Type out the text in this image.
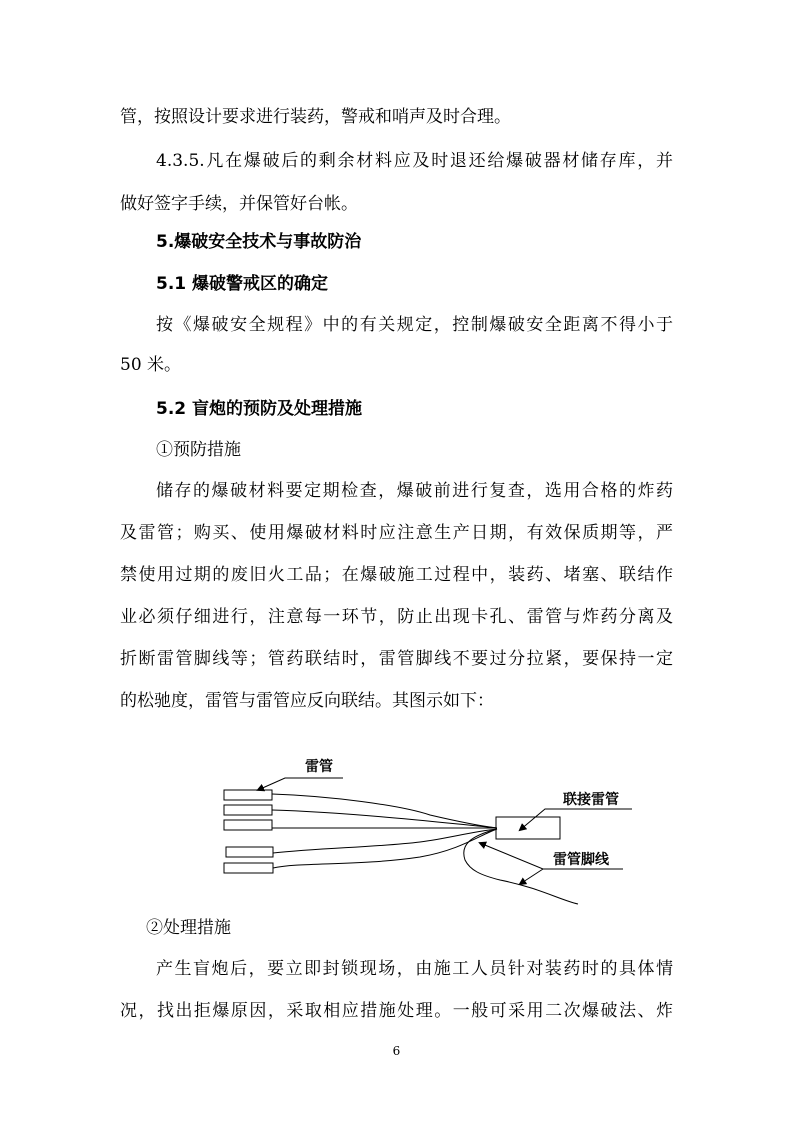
管，按照设计要求进行装药，警戒和哨声及时合理。
4.3.5.凡在爆破后的剩余材料应及时退还给爆破器材储存库，并
做好签字手续，并保管好台帐。
5.爆破安全技术与事故防治
5.1 爆破警戒区的确定
按《爆破安全规程》中的有关规定，控制爆破安全距离不得小于
50 米。
5.2 盲炮的预防及处理措施
①预防措施
储存的爆破材料要定期检查，爆破前进行复查，选用合格的炸药
及雷管；购买、使用爆破材料时应注意生产日期，有效保质期等，严
禁使用过期的废旧火工品；在爆破施工过程中，装药、堵塞、联结作
业必须仔细进行，注意每一环节，防止出现卡孔、雷管与炸药分离及
折断雷管脚线等；管药联结时，雷管脚线不要过分拉紧，要保持一定
的松驰度，雷管与雷管应反向联结。其图示如下：
雷管
联接雷管
雷管脚线
②处理措施
产生盲炮后，要立即封锁现场，由施工人员针对装药时的具体情
况，找出拒爆原因，采取相应措施处理。一般可采用二次爆破法、炸
6
